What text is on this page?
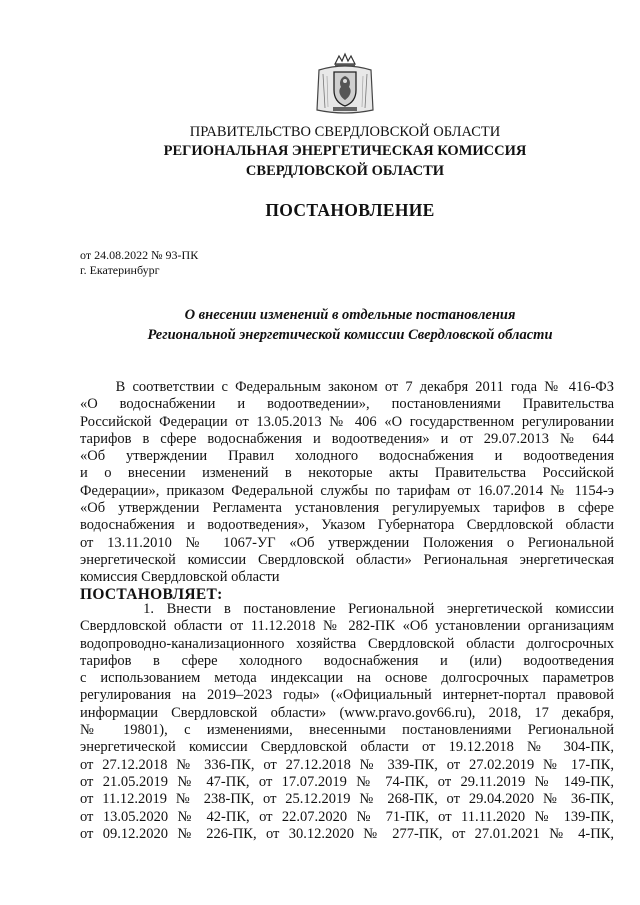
ПРАВИТЕЛЬСТВО СВЕРДЛОВСКОЙ ОБЛАСТИ
РЕГИОНАЛЬНАЯ ЭНЕРГЕТИЧЕСКАЯ КОМИССИЯ
СВЕРДЛОВСКОЙ ОБЛАСТИ
ПОСТАНОВЛЕНИЕ
от 24.08.2022 № 93-ПК
г. Екатеринбург
О внесении изменений в отдельные постановления
Региональной энергетической комиссии Свердловской области
В соответствии с Федеральным законом от 7 декабря 2011 года № 416-ФЗ
«О водоснабжении и водоотведении», постановлениями Правительства
Российской Федерации от 13.05.2013 № 406 «О государственном регулировании
тарифов в сфере водоснабжения и водоотведения» и от 29.07.2013 № 644
«Об утверждении Правил холодного водоснабжения и водоотведения
и о внесении изменений в некоторые акты Правительства Российской
Федерации», приказом Федеральной службы по тарифам от 16.07.2014 № 1154-э
«Об утверждении Регламента установления регулируемых тарифов в сфере
водоснабжения и водоотведения», Указом Губернатора Свердловской области
от 13.11.2010 № 1067-УГ «Об утверждении Положения о Региональной
энергетической комиссии Свердловской области» Региональная энергетическая
комиссия Свердловской области
ПОСТАНОВЛЯЕТ:
1. Внести в постановление Региональной энергетической комиссии
Свердловской области от 11.12.2018 № 282-ПК «Об установлении организациям
водопроводно-канализационного хозяйства Свердловской области долгосрочных
тарифов в сфере холодного водоснабжения и (или) водоотведения
с использованием метода индексации на основе долгосрочных параметров
регулирования на 2019–2023 годы» («Официальный интернет-портал правовой
информации Свердловской области» (www.pravo.gov66.ru), 2018, 17 декабря,
№ 19801), с изменениями, внесенными постановлениями Региональной
энергетической комиссии Свердловской области от 19.12.2018 № 304-ПК,
от 27.12.2018 № 336-ПК, от 27.12.2018 № 339-ПК, от 27.02.2019 № 17-ПК,
от 21.05.2019 № 47-ПК, от 17.07.2019 № 74-ПК, от 29.11.2019 № 149-ПК,
от 11.12.2019 № 238-ПК, от 25.12.2019 № 268-ПК, от 29.04.2020 № 36-ПК,
от 13.05.2020 № 42-ПК, от 22.07.2020 № 71-ПК, от 11.11.2020 № 139-ПК,
от 09.12.2020 № 226-ПК, от 30.12.2020 № 277-ПК, от 27.01.2021 № 4-ПК,
